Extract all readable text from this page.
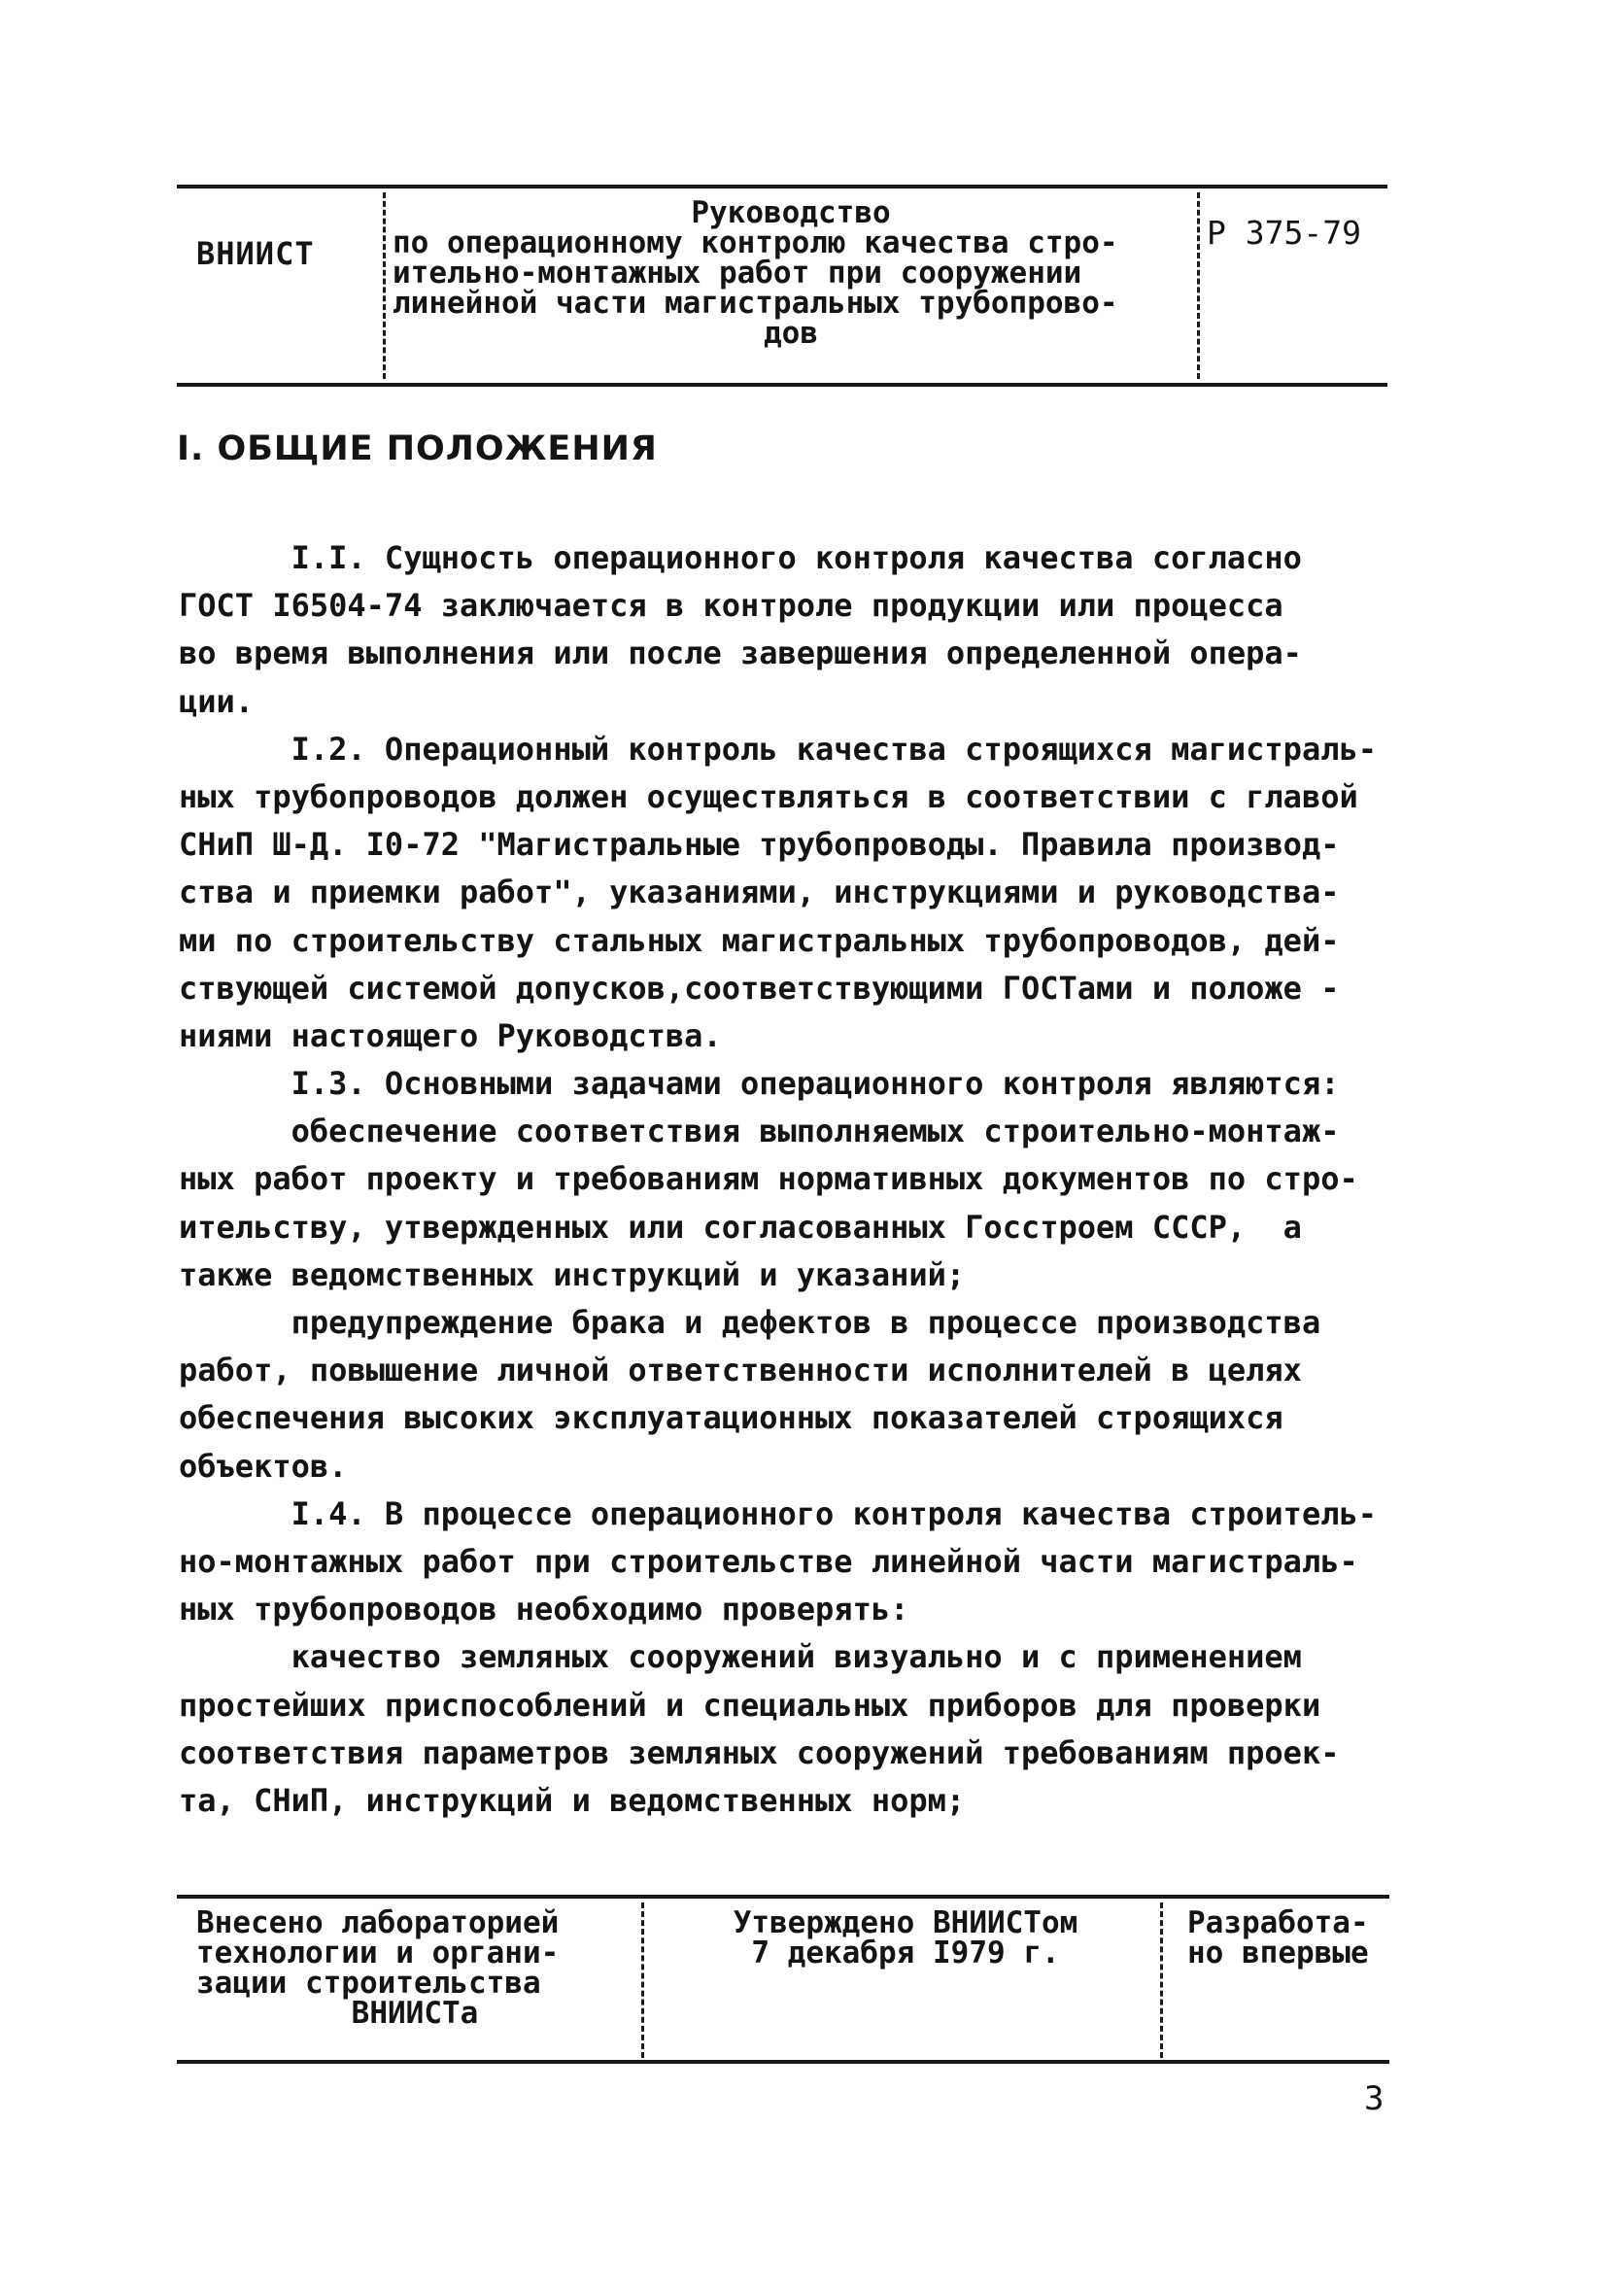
ВНИИСТ
Руководство
по операционному контролю качества стро-
ительно-монтажных работ при сооружении
линейной части магистральных трубопрово-
дов
Р 375-79
I. ОБЩИЕ ПОЛОЖЕНИЯ
I.I. Сущность операционного контроля качества согласно
ГОСТ I6504-74 заключается в контроле продукции или процесса
во время выполнения или после завершения определенной опера-
ции.
I.2. Операционный контроль качества строящихся магистраль-
ных трубопроводов должен осуществляться в соответствии с главой
СНиП Ш-Д. I0-72 "Магистральные трубопроводы. Правила производ-
ства и приемки работ", указаниями, инструкциями и руководства-
ми по строительству стальных магистральных трубопроводов, дей-
ствующей системой допусков,соответствующими ГОСТами и положе -
ниями настоящего Руководства.
I.3. Основными задачами операционного контроля являются:
обеспечение соответствия выполняемых строительно-монтаж-
ных работ проекту и требованиям нормативных документов по стро-
ительству, утвержденных или согласованных Госстроем СССР,  а
также ведомственных инструкций и указаний;
предупреждение брака и дефектов в процессе производства
работ, повышение личной ответственности исполнителей в целях
обеспечения высоких эксплуатационных показателей строящихся
объектов.
I.4. В процессе операционного контроля качества строитель-
но-монтажных работ при строительстве линейной части магистраль-
ных трубопроводов необходимо проверять:
качество земляных сооружений визуально и с применением
простейших приспособлений и специальных приборов для проверки
соответствия параметров земляных сооружений требованиям проек-
та, СНиП, инструкций и ведомственных норм;
Внесено лабораторией
технологии и органи-
зации строительства
ВНИИСТа
Утверждено ВНИИСТом
7 декабря I979 г.
Разработа-
но впервые
3
